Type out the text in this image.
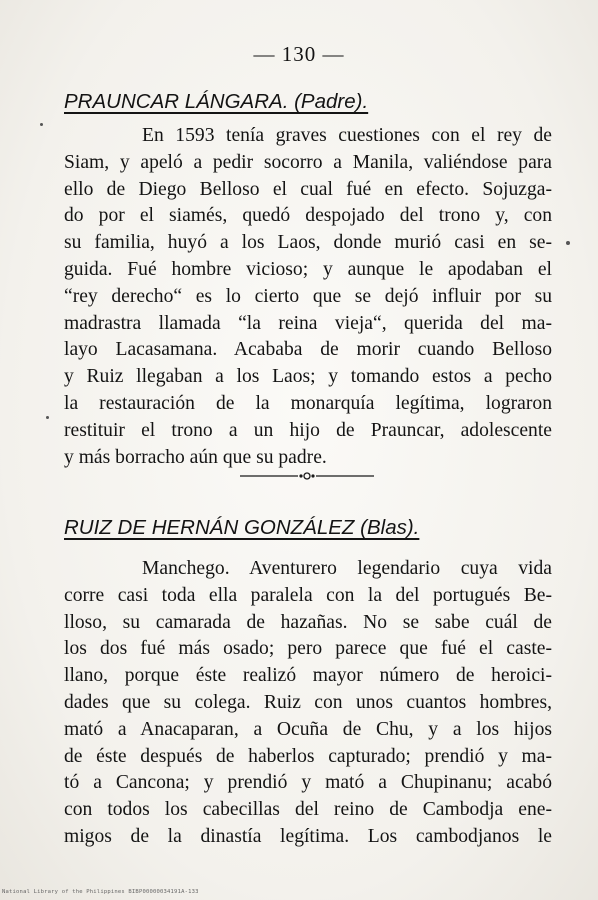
— 130 —
PRAUNCAR LÁNGARA. (Padre).
En 1593 tenía graves cuestiones con el rey de
Siam, y apeló a pedir socorro a Manila, valiéndose para
ello de Diego Belloso el cual fué en efecto. Sojuzga-
do por el siamés, quedó despojado del trono y, con
su familia, huyó a los Laos, donde murió casi en se-
guida. Fué hombre vicioso; y aunque le apodaban el
“rey derecho“ es lo cierto que se dejó influir por su
madrastra llamada “la reina vieja“, querida del ma-
layo Lacasamana. Acababa de morir cuando Belloso
y Ruiz llegaban a los Laos; y tomando estos a pecho
la restauración de la monarquía legítima, lograron
restituir el trono a un hijo de Prauncar, adolescente
y más borracho aún que su padre.
RUIZ DE HERNÁN GONZÁLEZ (Blas).
Manchego. Aventurero legendario cuya vida
corre casi toda ella paralela con la del portugués Be-
lloso, su camarada de hazañas. No se sabe cuál de
los dos fué más osado; pero parece que fué el caste-
llano, porque éste realizó mayor número de heroici-
dades que su colega. Ruiz con unos cuantos hombres,
mató a Anacaparan, a Ocuña de Chu, y a los hijos
de éste después de haberlos capturado; prendió y ma-
tó a Cancona; y prendió y mató a Chupinanu; acabó
con todos los cabecillas del reino de Cambodja ene-
migos de la dinastía legítima. Los cambodjanos le
National Library of the Philippines BIBP00000034191A-133
